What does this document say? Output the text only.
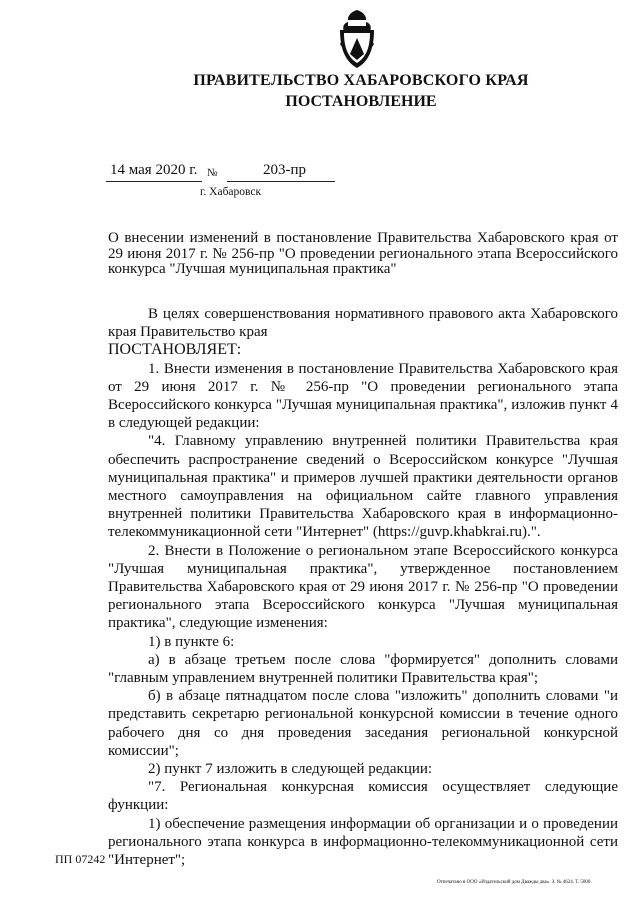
ПРАВИТЕЛЬСТВО ХАБАРОВСКОГО КРАЯ
ПОСТАНОВЛЕНИЕ
14 мая 2020 г. №	203-пр
г. Хабаровск
О внесении изменений в постановление Правительства Хабаровского края от 29 июня 2017 г. № 256-пр "О проведении регионального этапа Всероссийского конкурса "Лучшая муниципальная практика"

В целях совершенствования нормативного правового акта Хабаровского края Правительство края

ПОСТАНОВЛЯЕТ:

1. Внести изменения в постановление Правительства Хабаровского края от 29 июня 2017 г. № 256-пр "О проведении регионального этапа Всероссийского конкурса "Лучшая муниципальная практика", изложив пункт 4 в следующей редакции:

"4. Главному управлению внутренней политики Правительства края обеспечить распространение сведений о Всероссийском конкурсе "Лучшая муниципальная практика" и примеров лучшей практики деятельности органов местного самоуправления на официальном сайте главного управления внутренней политики Правительства Хабаровского края в информационно-телекоммуникационной сети "Интернет" (https://guvp.khabkrai.ru).".

2. Внести в Положение о региональном этапе Всероссийского конкурса "Лучшая муниципальная практика", утвержденное постановлением Правительства Хабаровского края от 29 июня 2017 г. № 256-пр "О проведении регионального этапа Всероссийского конкурса "Лучшая муниципальная практика", следующие изменения:

1) в пункте 6:

а) в абзаце третьем после слова "формируется" дополнить словами "главным управлением внутренней политики Правительства края";

б) в абзаце пятнадцатом после слова "изложить" дополнить словами "и представить секретарю региональной конкурсной комиссии в течение одного рабочего дня со дня проведения заседания региональной конкурсной комиссии";

2) пункт 7 изложить в следующей редакции:

"7. Региональная конкурсная комиссия осуществляет следующие функции:

1) обеспечение размещения информации об организации и о проведении регионального этапа конкурса в информационно-телекоммуникационной сети "Интернет";

ПП 07242
Отпечатано в ООО «Издательский дом Дважды два». З. № 4624. Т. 5000.
